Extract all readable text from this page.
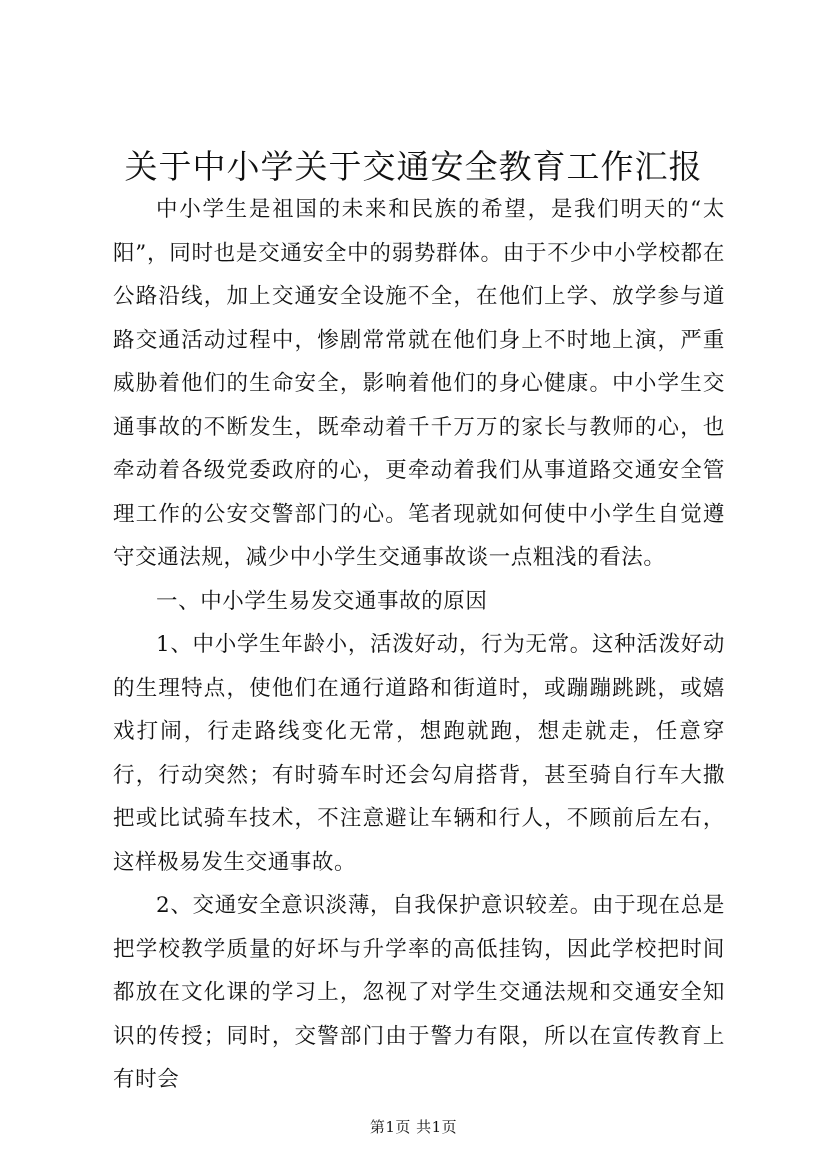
关于中小学关于交通安全教育工作汇报

中小学生是祖国的未来和民族的希望，是我们明天的“太阳”，同时也是交通安全中的弱势群体。由于不少中小学校都在公路沿线，加上交通安全设施不全，在他们上学、放学参与道路交通活动过程中，惨剧常常就在他们身上不时地上演，严重威胁着他们的生命安全，影响着他们的身心健康。中小学生交通事故的不断发生，既牵动着千千万万的家长与教师的心，也牵动着各级党委政府的心，更牵动着我们从事道路交通安全管理工作的公安交警部门的心。笔者现就如何使中小学生自觉遵守交通法规，减少中小学生交通事故谈一点粗浅的看法。

一、中小学生易发交通事故的原因

1、中小学生年龄小，活泼好动，行为无常。这种活泼好动的生理特点，使他们在通行道路和街道时，或蹦蹦跳跳，或嬉戏打闹，行走路线变化无常，想跑就跑，想走就走，任意穿行，行动突然；有时骑车时还会勾肩搭背，甚至骑自行车大撒把或比试骑车技术，不注意避让车辆和行人，不顾前后左右，这样极易发生交通事故。

2、交通安全意识淡薄，自我保护意识较差。由于现在总是把学校教学质量的好坏与升学率的高低挂钩，因此学校把时间都放在文化课的学习上，忽视了对学生交通法规和交通安全知识的传授；同时，交警部门由于警力有限，所以在宣传教育上有时会

第1页 共1页
